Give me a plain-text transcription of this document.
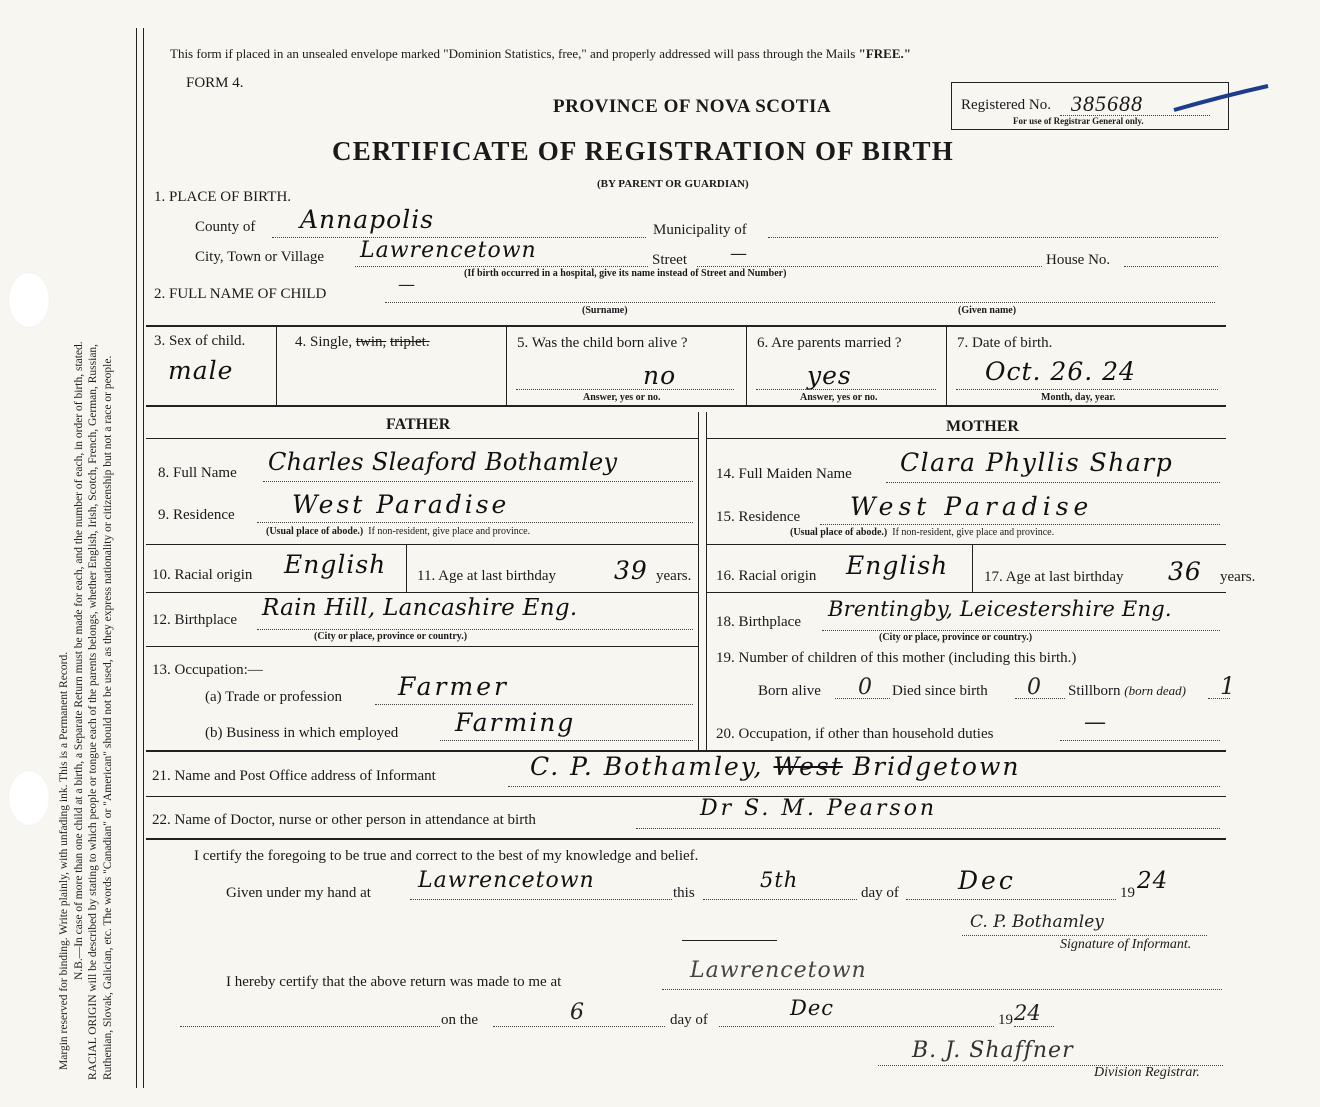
Margin reserved for binding. Write plainly, with unfading ink. This is a Permanent Record. N.B.—In case of more than one child at a birth, a Separate Return must be made for each, and the number of each, in order of birth, stated. RACIAL ORIGIN will be described by stating to which people or tongue each of the parents belongs, whether English, Irish, Scotch, French, German, Russian, Ruthenian, Slovak, Galician, etc. The words "Canadian" or "American" should not be used, as they express nationality or citizenship but not a race or people.
This form if placed in an unsealed envelope marked "Dominion Statistics, free," and properly addressed will pass through the Mails "FREE."
FORM 4.
PROVINCE OF NOVA SCOTIA
CERTIFICATE OF REGISTRATION OF BIRTH
(BY PARENT OR GUARDIAN)
Registered No. 385688
For use of Registrar General only.
1. PLACE OF BIRTH.
County of Annapolis	Municipality of
City, Town or Village Lawrencetown	Street	—	House No.
(If birth occurred in a hospital, give its name instead of Street and Number)
2. FULL NAME OF CHILD	—
(Surname)	(Given name)
3. Sex of child.
male
4. Single, twin, triplet.	5. Was the child born alive ?
no
Answer, yes or no.
6. Are parents married ?
yes
Answer, yes or no.
7. Date of birth.
Oct. 26. 24
Month, day, year.
FATHER	MOTHER
8. Full Name Charles Sleaford Bothamley
9. Residence West Paradise
(Usual place of abode.) If non-resident, give place and province.
10. Racial origin English 11. Age at last birthday 39 years.
12. Birthplace Rain Hill, Lancashire Eng.
(City or place, province or country.)
13. Occupation:—
(a) Trade or profession Farmer
(b) Business in which employed Farming
14. Full Maiden Name Clara Phyllis Sharp
15. Residence West Paradise
(Usual place of abode.) If non-resident, give place and province.
16. Racial origin English 17. Age at last birthday 36 years.
18. Birthplace
Brentingby, Leicestershire Eng.
(City or place, province or country.)
19. Number of children of this mother (including this birth.)
Born alive 0 Died since birth 0 Stillborn (born dead) 1
20. Occupation, if other than household duties	—
21. Name and Post Office address of Informant	C. P. Bothamley, West Bridgetown
22. Name of Doctor, nurse or other person in attendance at birth	Dr S. M. Pearson
I certify the foregoing to be true and correct to the best of my knowledge and belief.
Given under my hand at Lawrencetown	this
5th
day of Dec	19 24
C. P. Bothamley
Signature of Informant.
I hereby certify that the above return was made to me at	Lawrencetown
on the	6	day of	Dec	19 24
B. J. Shaffner
Division Registrar.
